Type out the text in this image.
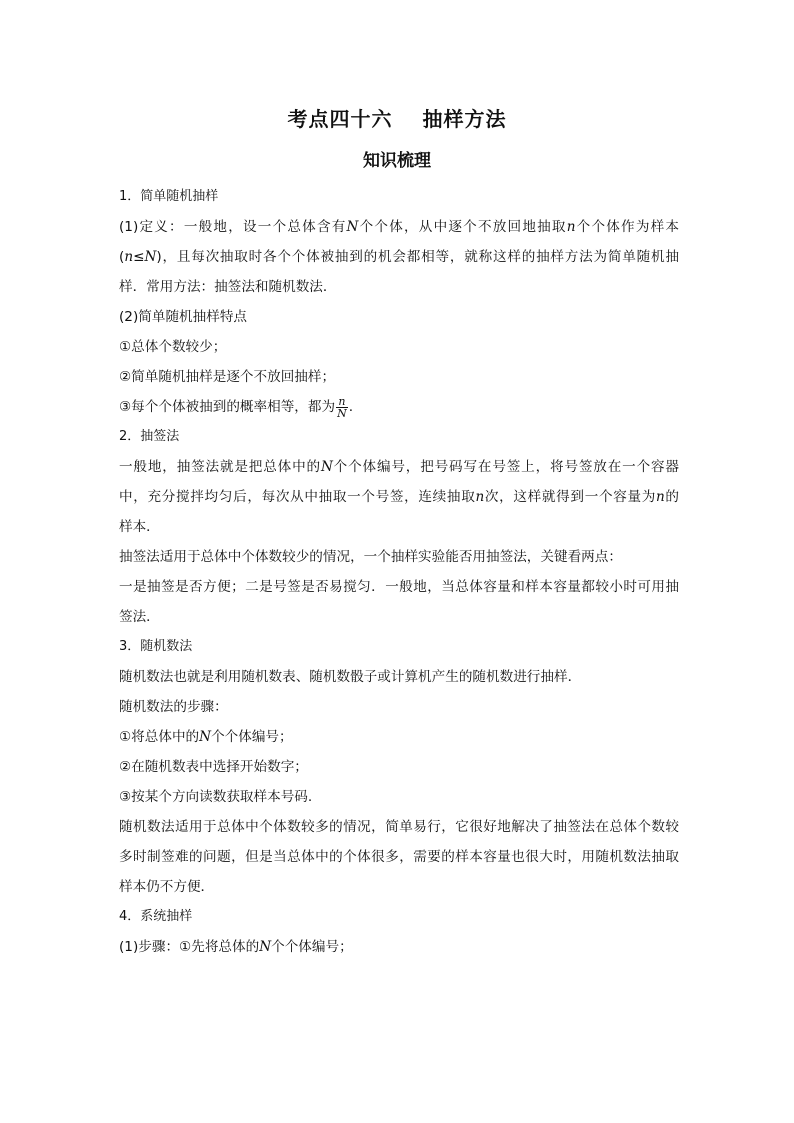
考点四十六 抽样方法
知识梳理
1．简单随机抽样
(1)定义：一般地，设一个总体含有N个个体，从中逐个不放回地抽取n个个体作为样本
(n≤N)，且每次抽取时各个个体被抽到的机会都相等，就称这样的抽样方法为简单随机抽
样．常用方法：抽签法和随机数法．
(2)简单随机抽样特点
①总体个数较少；
②简单随机抽样是逐个不放回抽样；
③每个个体被抽到的概率相等，都为 $\frac{n}{N}$ .
2．抽签法
一般地，抽签法就是把总体中的N个个体编号，把号码写在号签上，将号签放在一个容器
中，充分搅拌均匀后，每次从中抽取一个号签，连续抽取n次，这样就得到一个容量为n的
样本．
抽签法适用于总体中个体数较少的情况，一个抽样实验能否用抽签法，关键看两点：
一是抽签是否方便；二是号签是否易搅匀．一般地，当总体容量和样本容量都较小时可用抽
签法．
3．随机数法
随机数法也就是利用随机数表、随机数骰子或计算机产生的随机数进行抽样．
随机数法的步骤：
①将总体中的N个个体编号；
②在随机数表中选择开始数字；
③按某个方向读数获取样本号码.
随机数法适用于总体中个体数较多的情况，简单易行，它很好地解决了抽签法在总体个数较
多时制签难的问题，但是当总体中的个体很多，需要的样本容量也很大时，用随机数法抽取
样本仍不方便．
4．系统抽样
(1)步骤：①先将总体的N个个体编号；
